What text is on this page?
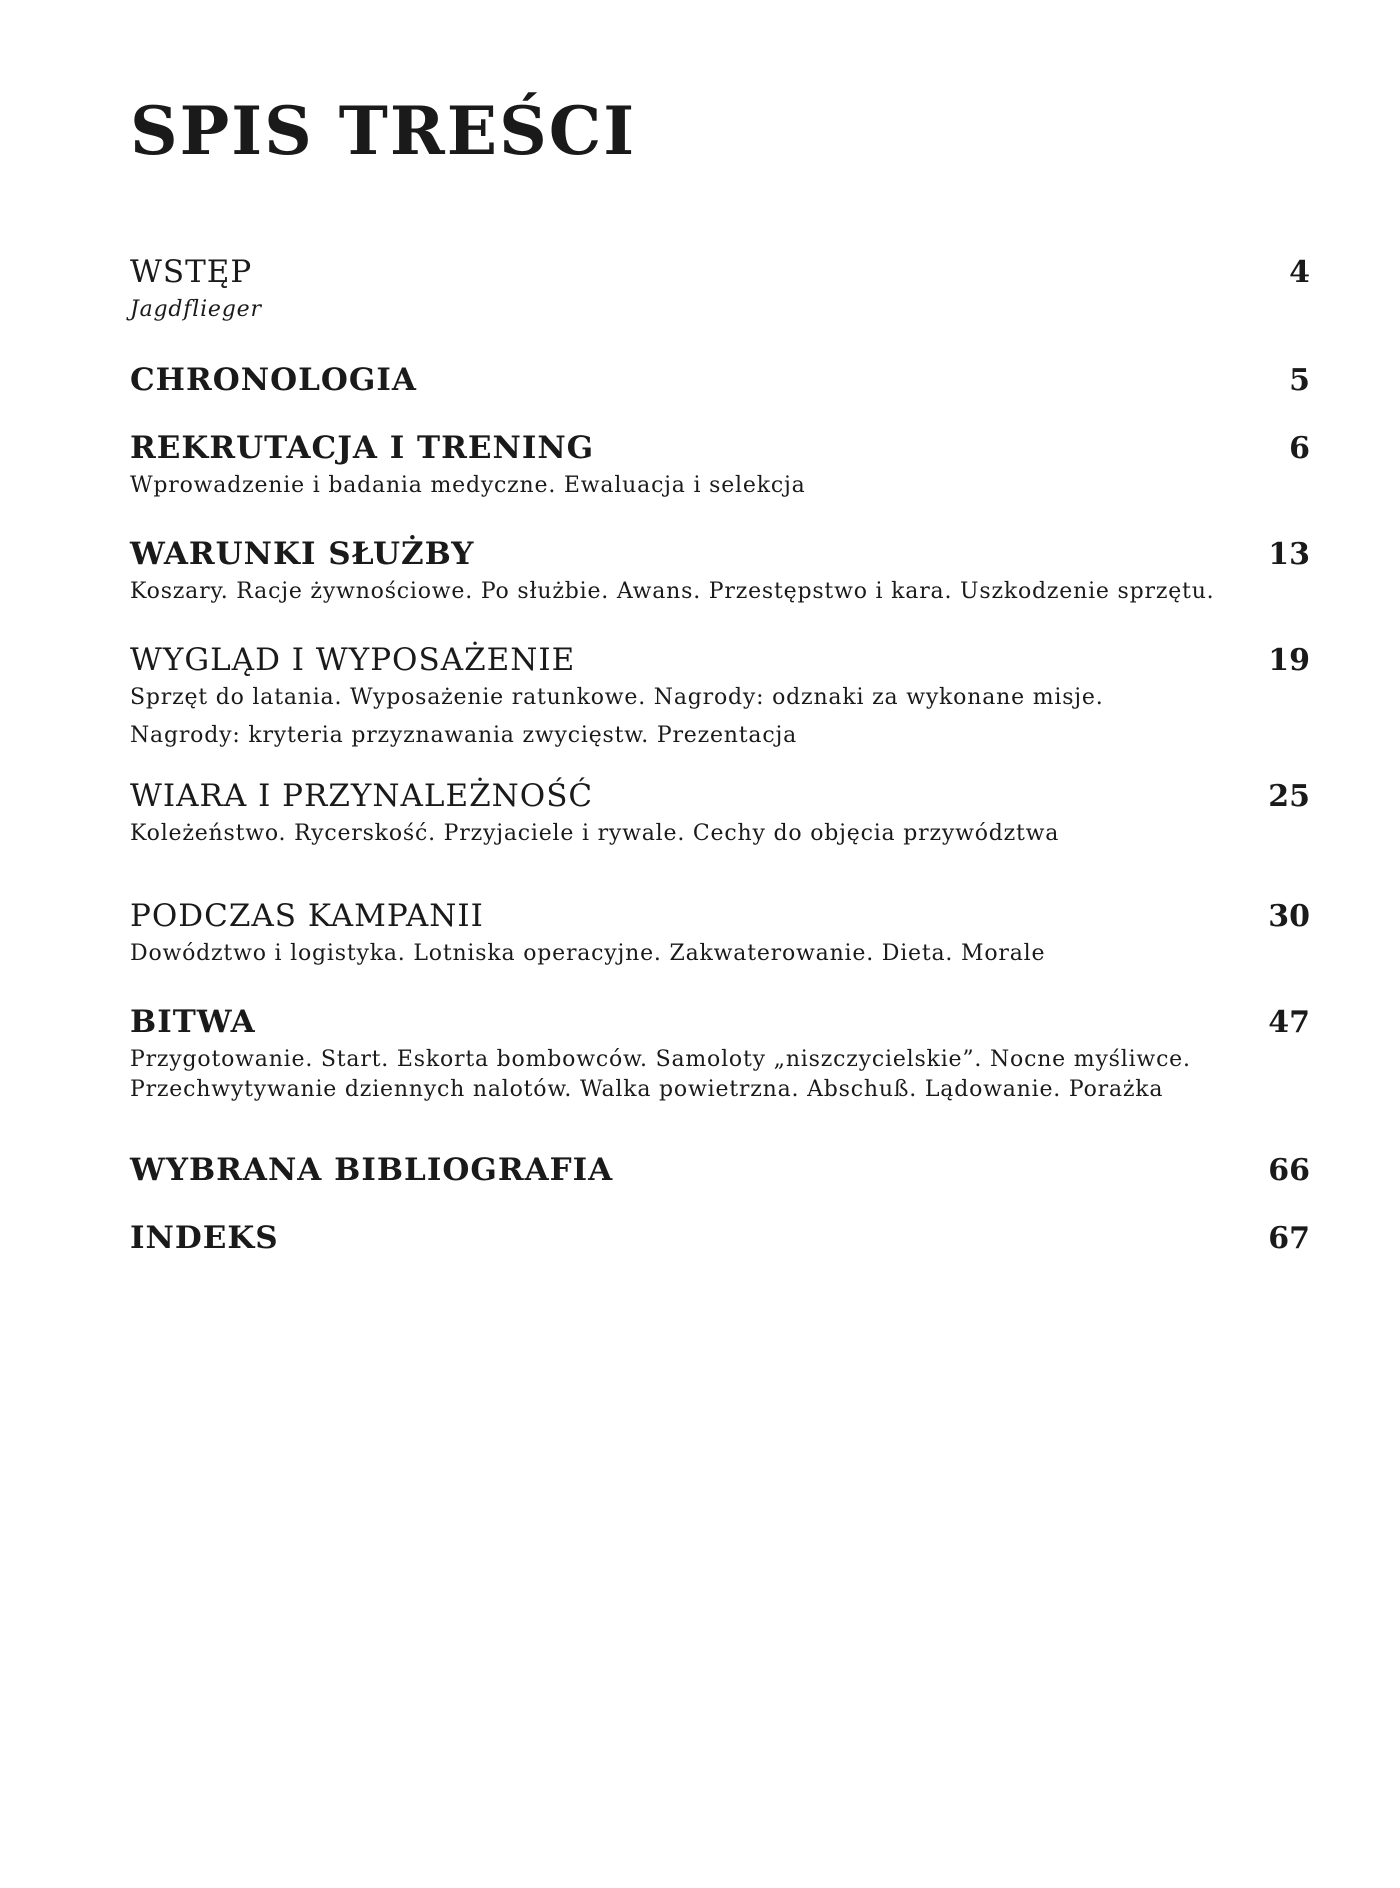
SPIS TREŚCI
WSTĘP	4
Jagdflieger
CHRONOLOGIA	5
REKRUTACJA I TRENING	6
Wprowadzenie i badania medyczne. Ewaluacja i selekcja
WARUNKI SŁUŻBY	13
Koszary. Racje żywnościowe. Po służbie. Awans. Przestępstwo i kara. Uszkodzenie sprzętu.
WYGLĄD I WYPOSAŻENIE	19
Sprzęt do latania. Wyposażenie ratunkowe. Nagrody: odznaki za wykonane misje.
Nagrody: kryteria przyznawania zwycięstw. Prezentacja
WIARA I PRZYNALEŻNOŚĆ	25
Koleżeństwo. Rycerskość. Przyjaciele i rywale. Cechy do objęcia przywództwa
PODCZAS KAMPANII	30
Dowództwo i logistyka. Lotniska operacyjne. Zakwaterowanie. Dieta. Morale
BITWA	47
Przygotowanie. Start. Eskorta bombowców. Samoloty „niszczycielskie”. Nocne myśliwce.
Przechwytywanie dziennych nalotów. Walka powietrzna. Abschuß. Lądowanie. Porażka
WYBRANA BIBLIOGRAFIA	66
INDEKS	67
